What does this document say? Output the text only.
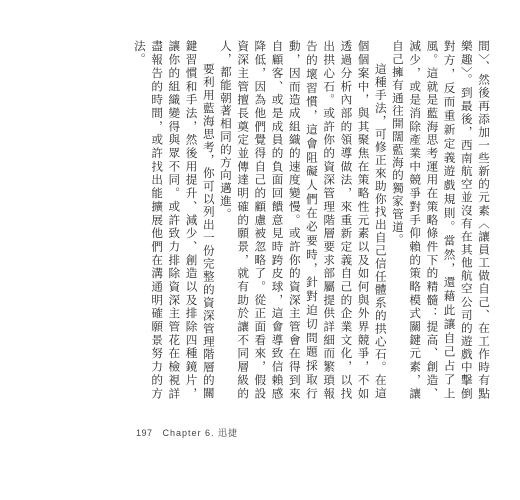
間〉、然後再添加一些新的元素〈讓員工做自己、在工作時有點樂趣〉。到最後，西南航空並沒有在其他航空公司的遊戲中擊倒對方，反而重新定義遊戲規則。當然，還藉此讓自己占了上風。這就是藍海思考運用在策略條件下的精髓：提高、創造、減少，或是消除產業中競爭對手仰賴的策略模式關鍵元素，讓自己擁有通往開闊藍海的獨家管道。

這種手法，可修正來助你找出自己信任體系的拱心石。在這個個案中，與其聚焦在策略性元素以及如何與外界競爭，不如透過分析內部的領導做法，來重新定義自己的企業文化，以找出拱心石。或許你的資深管理階層要求部屬提供詳細而繁瑣報告的壞習慣，這會阻礙人們在必要時，針對迫切問題採取行動，因而造成組織的速度變慢。或許你的資深主管會在得到來自顧客、或是成員的負面回饋意見時跨皮球，這會導致信賴感降低，因為他們覺得自己的顧慮被忽略了。從正面看來，假設資深主管擅長奠定並傳達明確的願景，就有助於讓不同層級的人，都能朝著相同的方向邁進。

要利用藍海思考，你可以列出一份完整的資深管理階層的關鍵習慣和手法，然後用提升、減少、創造以及排除四種鏡片，讓你的組織變得與眾不同。或許致力排除資深主管花在檢視詳盡報告的時間，或許找出能擴展他們在溝通明確願景努力的方法。

197 Chapter 6. 迅捷
